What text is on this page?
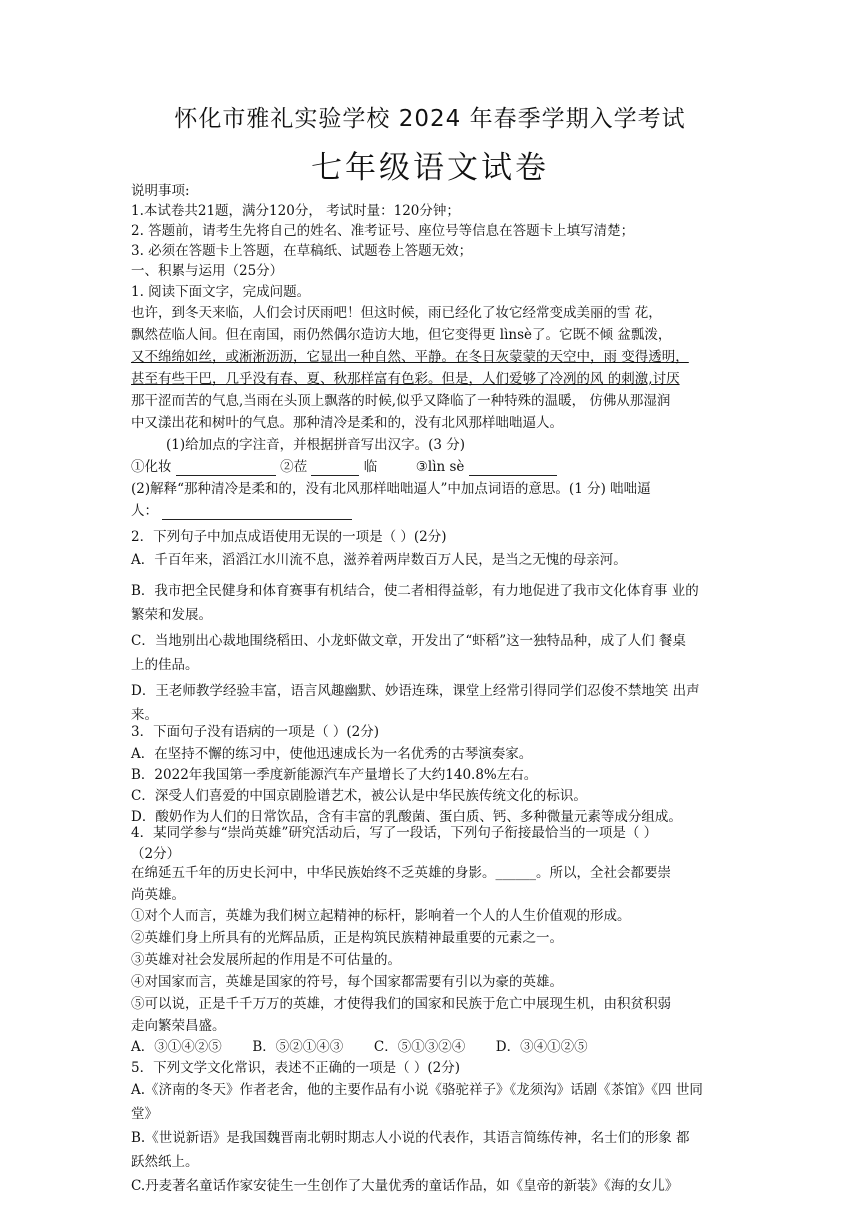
怀化市雅礼实验学校 2024 年春季学期入学考试
七年级语文试卷
说明事项:
1.本试卷共21题，满分120分， 考试时量：120分钟；
2. 答题前，请考生先将自己的姓名、准考证号、座位号等信息在答题卡上填写清楚；
3. 必须在答题卡上答题，在草稿纸、试题卷上答题无效；
一、积累与运用（25分）
1. 阅读下面文字，完成问题。
也许，到冬天来临，人们会讨厌雨吧！但这时候，雨已经化了妆它经常变成美丽的雪 花，
飘然莅临人间。但在南国，雨仍然偶尔造访大地，但它变得更 lìnsè了。它既不倾 盆瓢泼，
又不绵绵如丝，或淅淅沥沥，它显出一种自然、平静。在冬日灰蒙蒙的天空中，雨 变得透明，
甚至有些干巴，几乎没有春、夏、秋那样富有色彩。但是，人们爱够了冷冽的风 的刺激,讨厌
那干涩而苦的气息,当雨在头顶上飘落的时候,似乎又降临了一种特殊的温暖， 仿佛从那湿润
中又漾出花和树叶的气息。那种清冷是柔和的，没有北风那样咄咄逼人。
(1)给加点的字注音，并根据拼音写出汉字。(3 分)
①化妆	②莅	临	③lìn sè
(2)解释“那种清冷是柔和的，没有北风那样咄咄逼人”中加点词语的意思。(1 分) 咄咄逼
人：
2．下列句子中加点成语使用无误的一项是（ ）(2分)
A．千百年来，滔滔江水川流不息，滋养着两岸数百万人民，是当之无愧的母亲河。
B．我市把全民健身和体育赛事有机结合，使二者相得益彰，有力地促进了我市文化体育事 业的
繁荣和发展。
C．当地别出心裁地围绕稻田、小龙虾做文章，开发出了“虾稻”这一独特品种，成了人们 餐桌
上的佳品。
D．王老师教学经验丰富，语言风趣幽默、妙语连珠，课堂上经常引得同学们忍俊不禁地笑 出声
来。
3．下面句子没有语病的一项是（ ）(2分)
A．在坚持不懈的练习中，使他迅速成长为一名优秀的古琴演奏家。
B．2022年我国第一季度新能源汽车产量增长了大约140.8%左右。
C．深受人们喜爱的中国京剧脸谱艺术，被公认是中华民族传统文化的标识。
D．酸奶作为人们的日常饮品，含有丰富的乳酸菌、蛋白质、钙、多种微量元素等成分组成。
4．某同学参与“崇尚英雄”研究活动后，写了一段话，下列句子衔接最恰当的一项是（ ）
（2分）
在绵延五千年的历史长河中，中华民族始终不乏英雄的身影。______。所以，全社会都要崇
尚英雄。
①对个人而言，英雄为我们树立起精神的标杆，影响着一个人的人生价值观的形成。
②英雄们身上所具有的光辉品质，正是构筑民族精神最重要的元素之一。
③英雄对社会发展所起的作用是不可估量的。
④对国家而言，英雄是国家的符号，每个国家都需要有引以为豪的英雄。
⑤可以说，正是千千万万的英雄，才使得我们的国家和民族于危亡中展现生机，由积贫积弱
走向繁荣昌盛。
A．③①④②⑤ B．⑤②①④③ C．⑤①③②④ D．③④①②⑤
5．下列文学文化常识，表述不正确的一项是（ ）(2分)
A.《济南的冬天》作者老舍，他的主要作品有小说《骆驼祥子》《龙须沟》话剧《茶馆》《四 世同
堂》
B.《世说新语》是我国魏晋南北朝时期志人小说的代表作，其语言简练传神，名士们的形象 都
跃然纸上。
C.丹麦著名童话作家安徒生一生创作了大量优秀的童话作品，如《皇帝的新装》《海的女儿》
